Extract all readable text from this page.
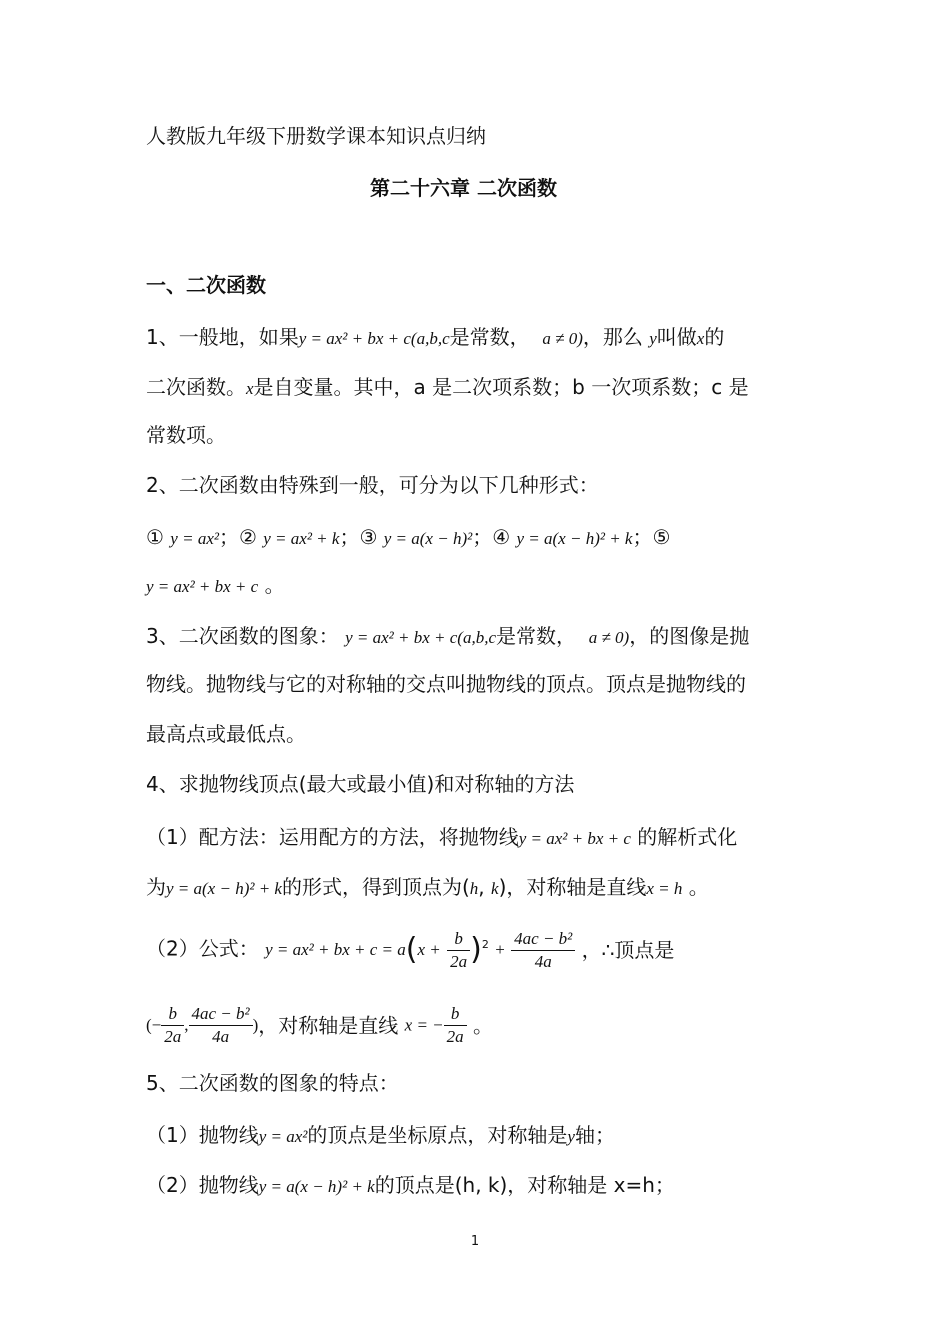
人教版九年级下册数学课本知识点归纳
第二十六章 二次函数
一、二次函数
1、一般地，如果y = ax² + bx + c(a,b,c是常数， a ≠ 0)，那么 y叫做x的
二次函数。x是自变量。其中，a 是二次项系数；b 一次项系数；c 是
常数项。
2、二次函数由特殊到一般，可分为以下几种形式：
① y = ax²；② y = ax² + k；③ y = a(x − h)²；④ y = a(x − h)² + k；⑤
y = ax² + bx + c 。
3、二次函数的图象： y = ax² + bx + c(a,b,c是常数， a ≠ 0)，的图像是抛
物线。抛物线与它的对称轴的交点叫抛物线的顶点。顶点是抛物线的
最高点或最低点。
4、求抛物线顶点(最大或最小值)和对称轴的方法
（1）配方法：运用配方的方法，将抛物线y = ax² + bx + c 的解析式化
为y = a(x − h)² + k的形式，得到顶点为(h, k)，对称轴是直线x = h 。
（2）公式： y = ax² + bx + $c = a(x + \frac{b}{2a} )^2 + \frac{\text{4ac − b²}}{4a}$ ，∴顶点是
(− $\frac{b}{2a}$ , $\frac{\text{4ac − b²}}{4a}$ )，对称轴是直线 x = − $\frac{b}{2a}$ 。
5、二次函数的图象的特点：
（1）抛物线y = ax²的顶点是坐标原点，对称轴是y轴；
（2）抛物线y = a(x − h)² + k的顶点是(h, k)，对称轴是 x=h；
1
